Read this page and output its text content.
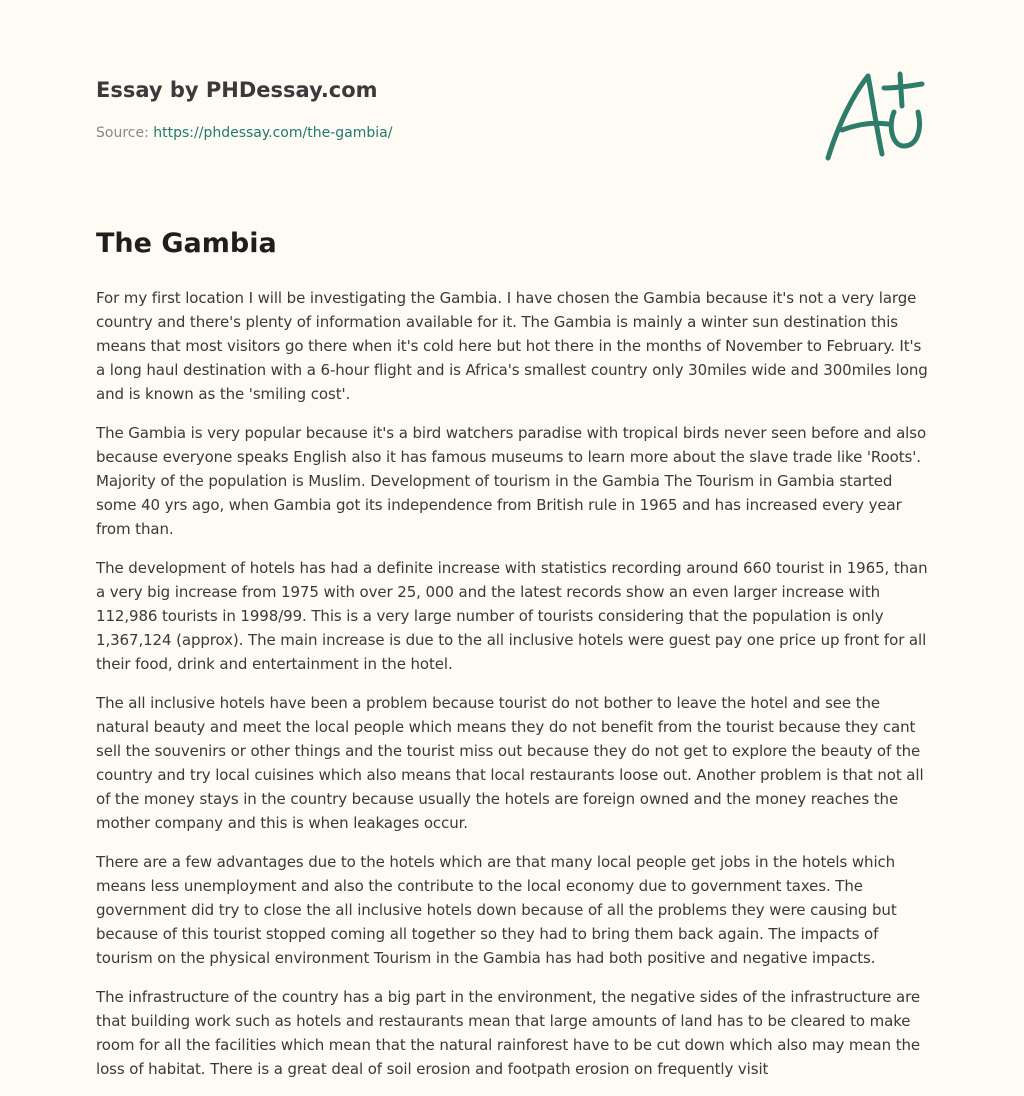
Essay by PHDessay.com
Source: https://phdessay.com/the-gambia/
The Gambia

For my first location I will be investigating the Gambia. I have chosen the Gambia because it's not a very large country and there's plenty of information available for it. The Gambia is mainly a winter sun destination this means that most visitors go there when it's cold here but hot there in the months of November to February. It's a long haul destination with a 6-hour flight and is Africa's smallest country only 30miles wide and 300miles long and is known as the 'smiling cost'.

The Gambia is very popular because it's a bird watchers paradise with tropical birds never seen before and also because everyone speaks English also it has famous museums to learn more about the slave trade like 'Roots'. Majority of the population is Muslim. Development of tourism in the Gambia The Tourism in Gambia started some 40 yrs ago, when Gambia got its independence from British rule in 1965 and has increased every year from than.

The development of hotels has had a definite increase with statistics recording around 660 tourist in 1965, than a very big increase from 1975 with over 25, 000 and the latest records show an even larger increase with 112,986 tourists in 1998/99. This is a very large number of tourists considering that the population is only 1,367,124 (approx). The main increase is due to the all inclusive hotels were guest pay one price up front for all their food, drink and entertainment in the hotel.

The all inclusive hotels have been a problem because tourist do not bother to leave the hotel and see the natural beauty and meet the local people which means they do not benefit from the tourist because they cant sell the souvenirs or other things and the tourist miss out because they do not get to explore the beauty of the country and try local cuisines which also means that local restaurants loose out. Another problem is that not all of the money stays in the country because usually the hotels are foreign owned and the money reaches the mother company and this is when leakages occur.

There are a few advantages due to the hotels which are that many local people get jobs in the hotels which means less unemployment and also the contribute to the local economy due to government taxes. The government did try to close the all inclusive hotels down because of all the problems they were causing but because of this tourist stopped coming all together so they had to bring them back again. The impacts of tourism on the physical environment Tourism in the Gambia has had both positive and negative impacts.

The infrastructure of the country has a big part in the environment, the negative sides of the infrastructure are that building work such as hotels and restaurants mean that large amounts of land has to be cleared to make room for all the facilities which mean that the natural rainforest have to be cut down which also may mean the loss of habitat. There is a great deal of soil erosion and footpath erosion on frequently visit
